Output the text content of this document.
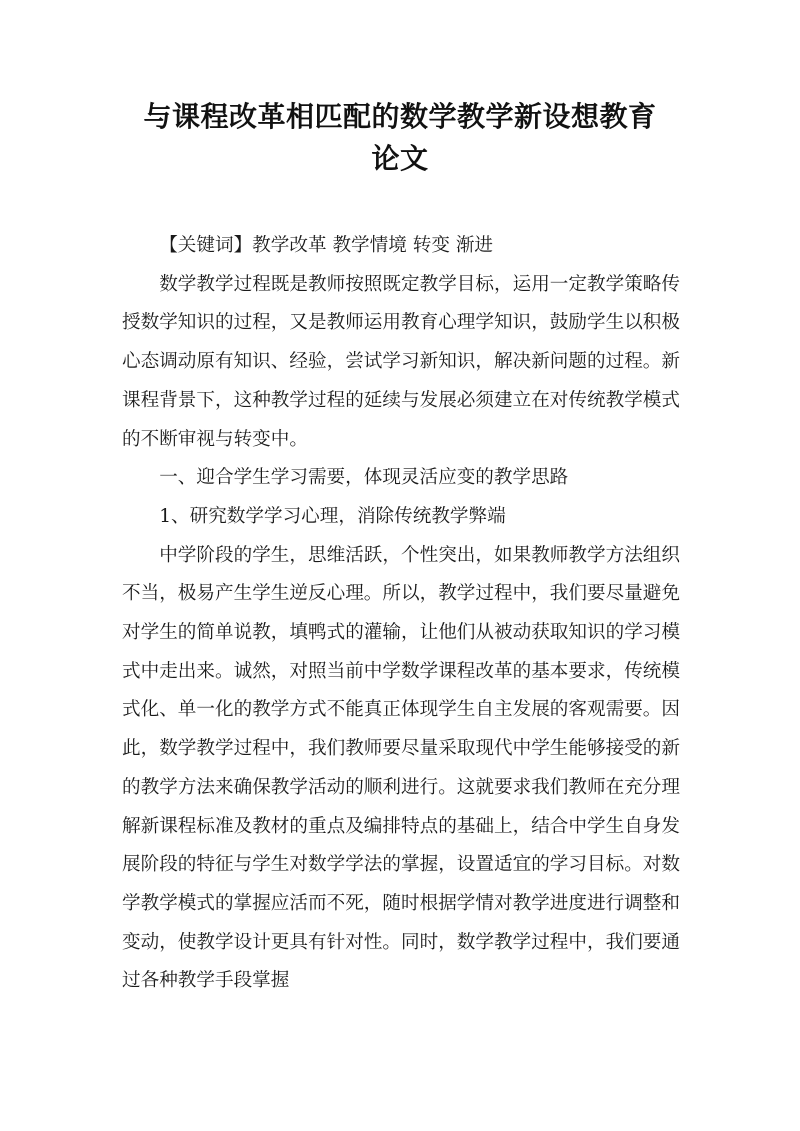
与课程改革相匹配的数学教学新设想教育
论文

【关键词】教学改革 教学情境 转变 渐进

数学教学过程既是教师按照既定教学目标，运用一定教学策略传授数学知识的过程，又是教师运用教育心理学知识，鼓励学生以积极心态调动原有知识、经验，尝试学习新知识，解决新问题的过程。新课程背景下，这种教学过程的延续与发展必须建立在对传统教学模式的不断审视与转变中。

一、迎合学生学习需要，体现灵活应变的教学思路

1、研究数学学习心理，消除传统教学弊端

中学阶段的学生，思维活跃，个性突出，如果教师教学方法组织不当，极易产生学生逆反心理。所以，教学过程中，我们要尽量避免对学生的简单说教，填鸭式的灌输，让他们从被动获取知识的学习模式中走出来。诚然，对照当前中学数学课程改革的基本要求，传统模式化、单一化的教学方式不能真正体现学生自主发展的客观需要。因此，数学教学过程中，我们教师要尽量采取现代中学生能够接受的新的教学方法来确保教学活动的顺利进行。这就要求我们教师在充分理解新课程标准及教材的重点及编排特点的基础上，结合中学生自身发展阶段的特征与学生对数学学法的掌握，设置适宜的学习目标。对数学教学模式的掌握应活而不死，随时根据学情对教学进度进行调整和变动，使教学设计更具有针对性。同时，数学教学过程中，我们要通过各种教学手段掌握
